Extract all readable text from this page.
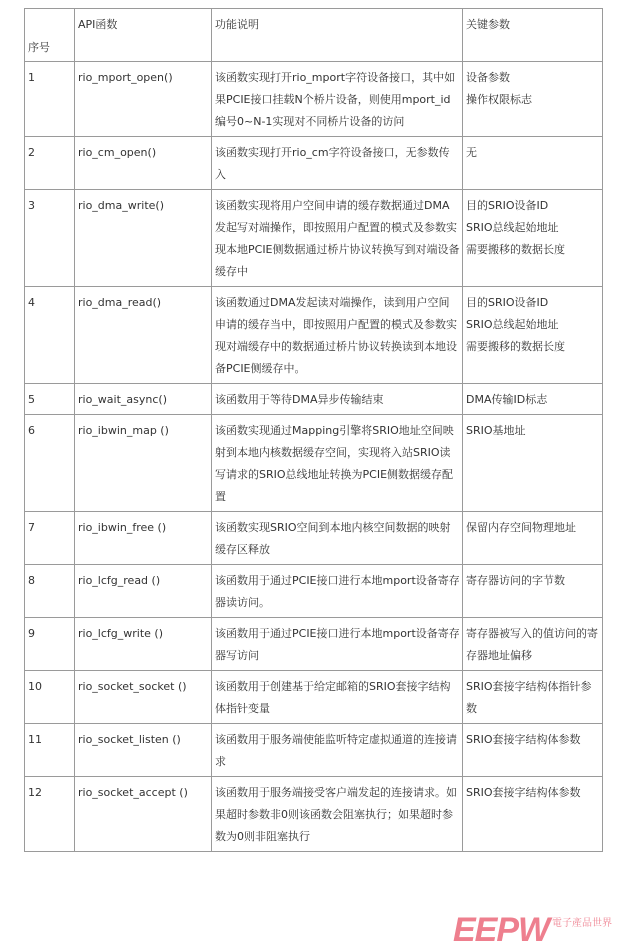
序号	API函数	功能说明	关键参数
1	rio_mport_open()	该函数实现打开rio_mport字符设备接口，其中如果PCIE接口挂载N个桥片设备，则使用mport_id编号0~N-1实现对不同桥片设备的访问	设备参数
操作权限标志

2	rio_cm_open()	该函数实现打开rio_cm字符设备接口，无参数传入	无

3	rio_dma_write()	该函数实现将用户空间申请的缓存数据通过DMA发起写对端操作，即按照用户配置的模式及参数实现本地PCIE侧数据通过桥片协议转换写到对端设备缓存中	目的SRIO设备ID
SRIO总线起始地址
需要搬移的数据长度

4	rio_dma_read()	该函数通过DMA发起读对端操作，读到用户空间申请的缓存当中，即按照用户配置的模式及参数实现对端缓存中的数据通过桥片协议转换读到本地设备PCIE侧缓存中。	目的SRIO设备ID
SRIO总线起始地址
需要搬移的数据长度

5	rio_wait_async()	该函数用于等待DMA异步传输结束	DMA传输ID标志

6	rio_ibwin_map ()	该函数实现通过Mapping引擎将SRIO地址空间映射到本地内核数据缓存空间，实现将入站SRIO读写请求的SRIO总线地址转换为PCIE侧数据缓存配置	SRIO基地址

7	rio_ibwin_free ()	该函数实现SRIO空间到本地内核空间数据的映射缓存区释放	保留内存空间物理地址

8	rio_lcfg_read ()	该函数用于通过PCIE接口进行本地mport设备寄存器读访问。	寄存器访问的字节数

9	rio_lcfg_write ()	该函数用于通过PCIE接口进行本地mport设备寄存器写访问	寄存器被写入的值访问的寄存器地址偏移

10	rio_socket_socket ()	该函数用于创建基于给定邮箱的SRIO套接字结构体指针变量	SRIO套接字结构体指针参数

11	rio_socket_listen ()	该函数用于服务端使能监听特定虚拟通道的连接请求	SRIO套接字结构体参数

12	rio_socket_accept ()	该函数用于服务端接受客户端发起的连接请求。如果超时参数非0则该函数会阻塞执行；如果超时参数为0则非阻塞执行	SRIO套接字结构体参数
EEPW 電子產品世界
